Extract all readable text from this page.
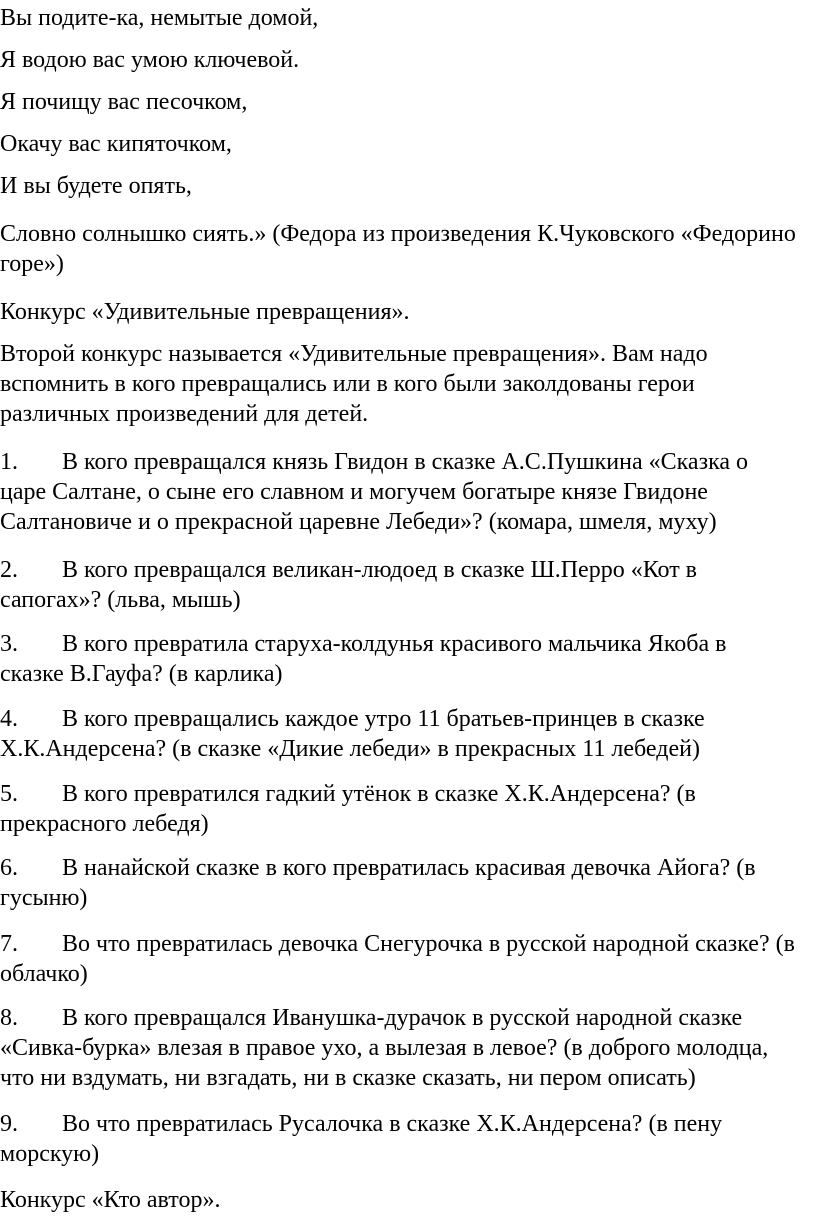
Вы подите-ка, немытые домой,
Я водою вас умою ключевой.
Я почищу вас песочком,
Окачу вас кипяточком,
И вы будете опять,
Словно солнышко сиять.» (Федора из произведения К.Чуковского «Федорино
горе»)
Конкурс «Удивительные превращения».
Второй конкурс называется «Удивительные превращения». Вам надо
вспомнить в кого превращались или в кого были заколдованы герои
различных произведений для детей.
1. В кого превращался князь Гвидон в сказке А.С.Пушкина «Сказка о
царе Салтане, о сыне его славном и могучем богатыре князе Гвидоне
Салтановиче и о прекрасной царевне Лебеди»? (комара, шмеля, муху)
2. В кого превращался великан-людоед в сказке Ш.Перро «Кот в
сапогах»? (льва, мышь)
3. В кого превратила старуха-колдунья красивого мальчика Якоба в
сказке В.Гауфа? (в карлика)
4. В кого превращались каждое утро 11 братьев-принцев в сказке
Х.К.Андерсена? (в сказке «Дикие лебеди» в прекрасных 11 лебедей)
5. В кого превратился гадкий утёнок в сказке Х.К.Андерсена? (в
прекрасного лебедя)
6. В нанайской сказке в кого превратилась красивая девочка Айога? (в
гусыню)
7. Во что превратилась девочка Снегурочка в русской народной сказке? (в
облачко)
8. В кого превращался Иванушка-дурачок в русской народной сказке
«Сивка-бурка» влезая в правое ухо, а вылезая в левое? (в доброго молодца,
что ни вздумать, ни взгадать, ни в сказке сказать, ни пером описать)
9. Во что превратилась Русалочка в сказке Х.К.Андерсена? (в пену
морскую)
Конкурс «Кто автор».
